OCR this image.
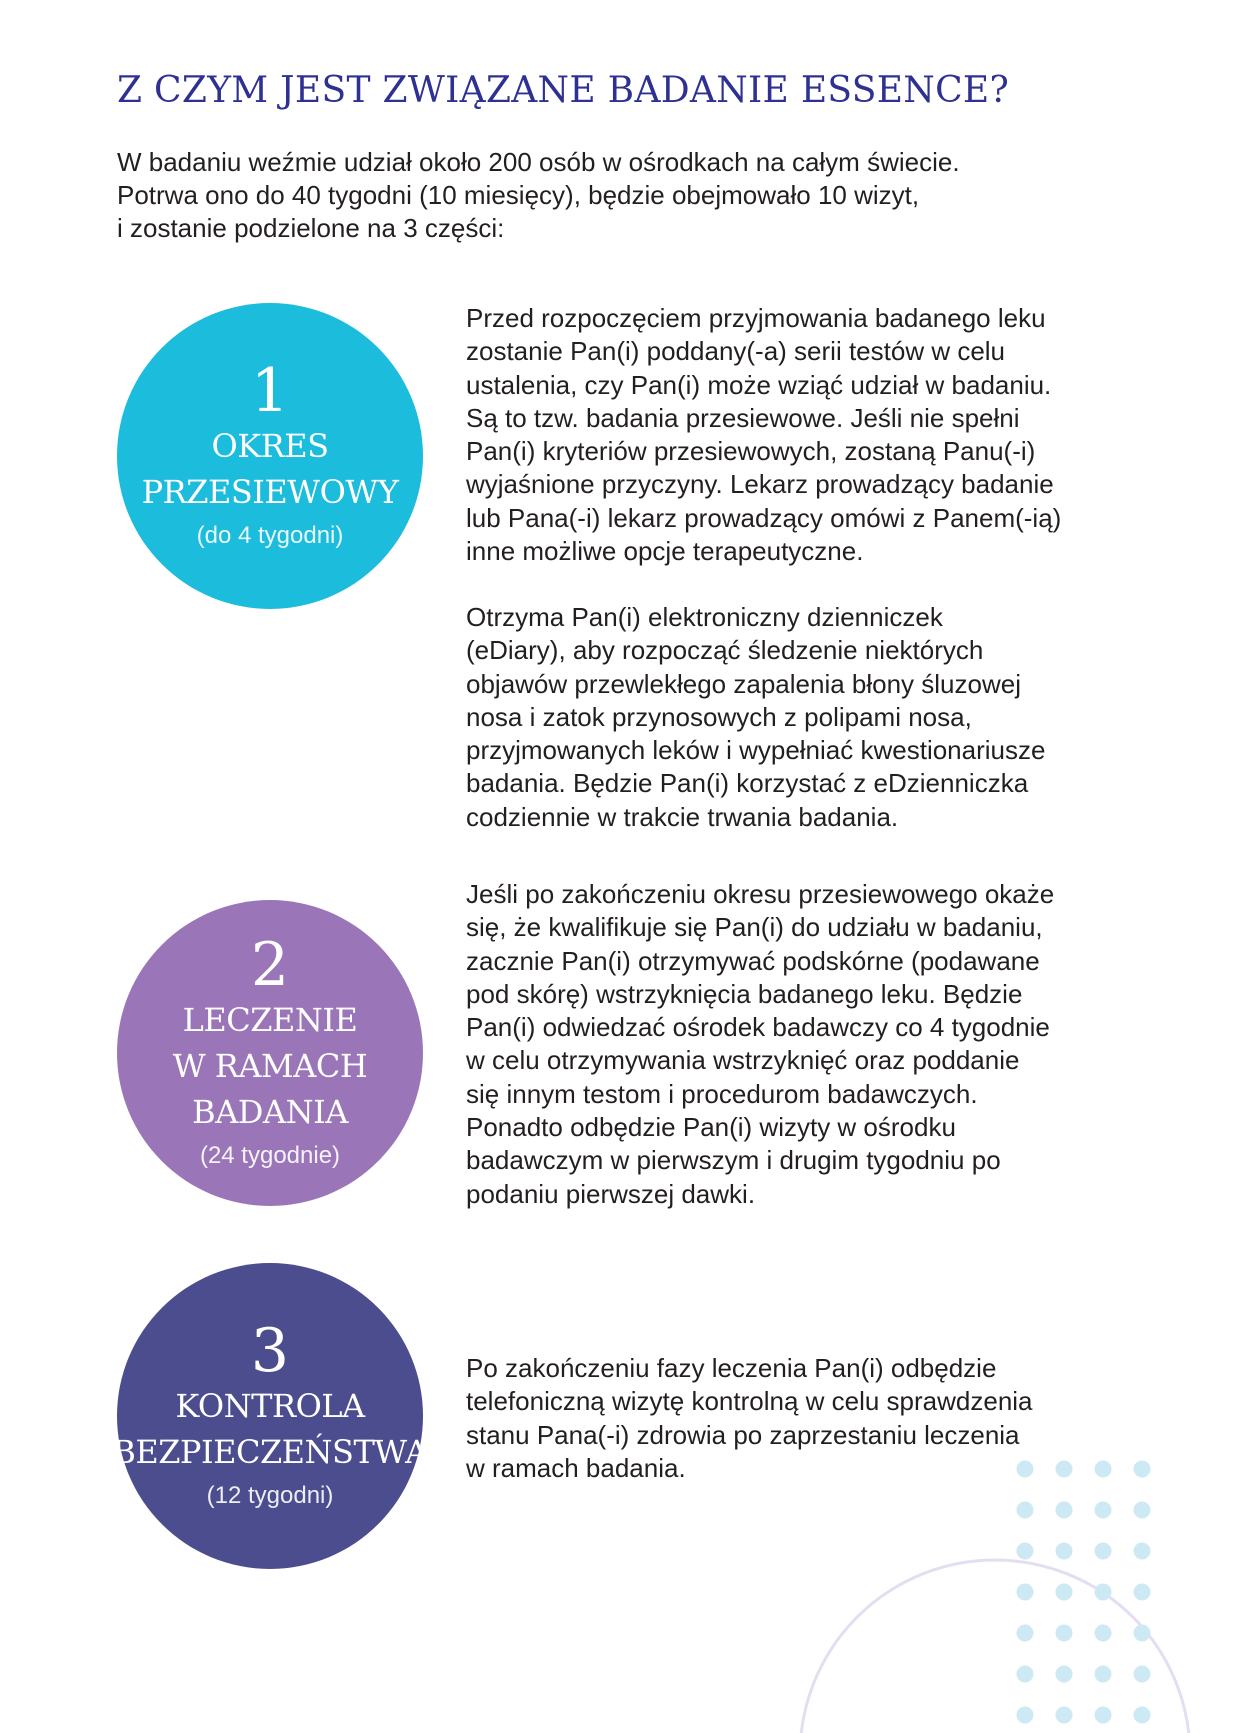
Z CZYM JEST ZWIĄZANE BADANIE ESSENCE?
W badaniu weźmie udział około 200 osób w ośrodkach na całym świecie.
Potrwa ono do 40 tygodni (10 miesięcy), będzie obejmowało 10 wizyt,
i zostanie podzielone na 3 części:
1
OKRES
PRZESIEWOWY
(do 4 tygodni)
2
LECZENIE
W RAMACH
BADANIA
(24 tygodnie)
3
KONTROLA
BEZPIECZEŃSTWA
(12 tygodni)
Przed rozpoczęciem przyjmowania badanego leku
zostanie Pan(i) poddany(-a) serii testów w celu
ustalenia, czy Pan(i) może wziąć udział w badaniu.
Są to tzw. badania przesiewowe. Jeśli nie spełni
Pan(i) kryteriów przesiewowych, zostaną Panu(-i)
wyjaśnione przyczyny. Lekarz prowadzący badanie
lub Pana(-i) lekarz prowadzący omówi z Panem(-ią)
inne możliwe opcje terapeutyczne.
Otrzyma Pan(i) elektroniczny dzienniczek
(eDiary), aby rozpocząć śledzenie niektórych
objawów przewlekłego zapalenia błony śluzowej
nosa i zatok przynosowych z polipami nosa,
przyjmowanych leków i wypełniać kwestionariusze
badania. Będzie Pan(i) korzystać z eDzienniczka
codziennie w trakcie trwania badania.
Jeśli po zakończeniu okresu przesiewowego okaże
się, że kwalifikuje się Pan(i) do udziału w badaniu,
zacznie Pan(i) otrzymywać podskórne (podawane
pod skórę) wstrzyknięcia badanego leku. Będzie
Pan(i) odwiedzać ośrodek badawczy co 4 tygodnie
w celu otrzymywania wstrzyknięć oraz poddanie
się innym testom i procedurom badawczych.
Ponadto odbędzie Pan(i) wizyty w ośrodku
badawczym w pierwszym i drugim tygodniu po
podaniu pierwszej dawki.
Po zakończeniu fazy leczenia Pan(i) odbędzie
telefoniczną wizytę kontrolną w celu sprawdzenia
stanu Pana(-i) zdrowia po zaprzestaniu leczenia
w ramach badania.
